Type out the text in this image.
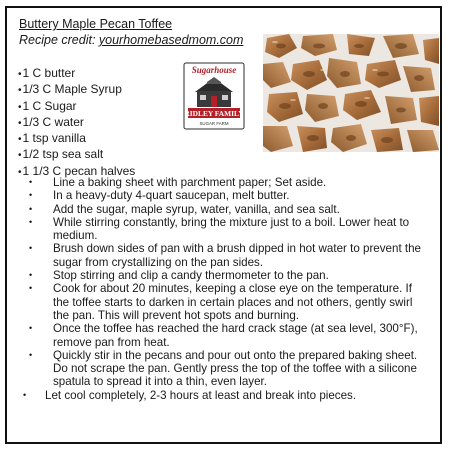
Buttery Maple Pecan Toffee
Recipe credit: yourhomebasedmom.com
• 1 C butter
• 1/3 C Maple Syrup
• 1 C Sugar
• 1/3 C water
• 1 tsp vanilla
• 1/2 tsp sea salt
• 1 1/3 C pecan halves
Sugarhouse
RIDLEY FAMILY
SUGAR FARM
• Line a baking sheet with parchment paper; Set aside.
• In a heavy-duty 4-quart saucepan, melt butter.
• Add the sugar, maple syrup, water, vanilla, and sea salt.
• While stirring constantly, bring the mixture just to a boil. Lower heat to medium.
• Brush down sides of pan with a brush dipped in hot water to prevent the sugar from crystallizing on the pan sides.
• Stop stirring and clip a candy thermometer to the pan.
• Cook for about 20 minutes, keeping a close eye on the temperature. If the toffee starts to darken in certain places and not others, gently swirl the pan. This will prevent hot spots and burning.
• Once the toffee has reached the hard crack stage (at sea level, 300°F), remove pan from heat.
• Quickly stir in the pecans and pour out onto the prepared baking sheet. Do not scrape the pan. Gently press the top of the toffee with a silicone spatula to spread it into a thin, even layer.
• Let cool completely, 2-3 hours at least and break into pieces.
